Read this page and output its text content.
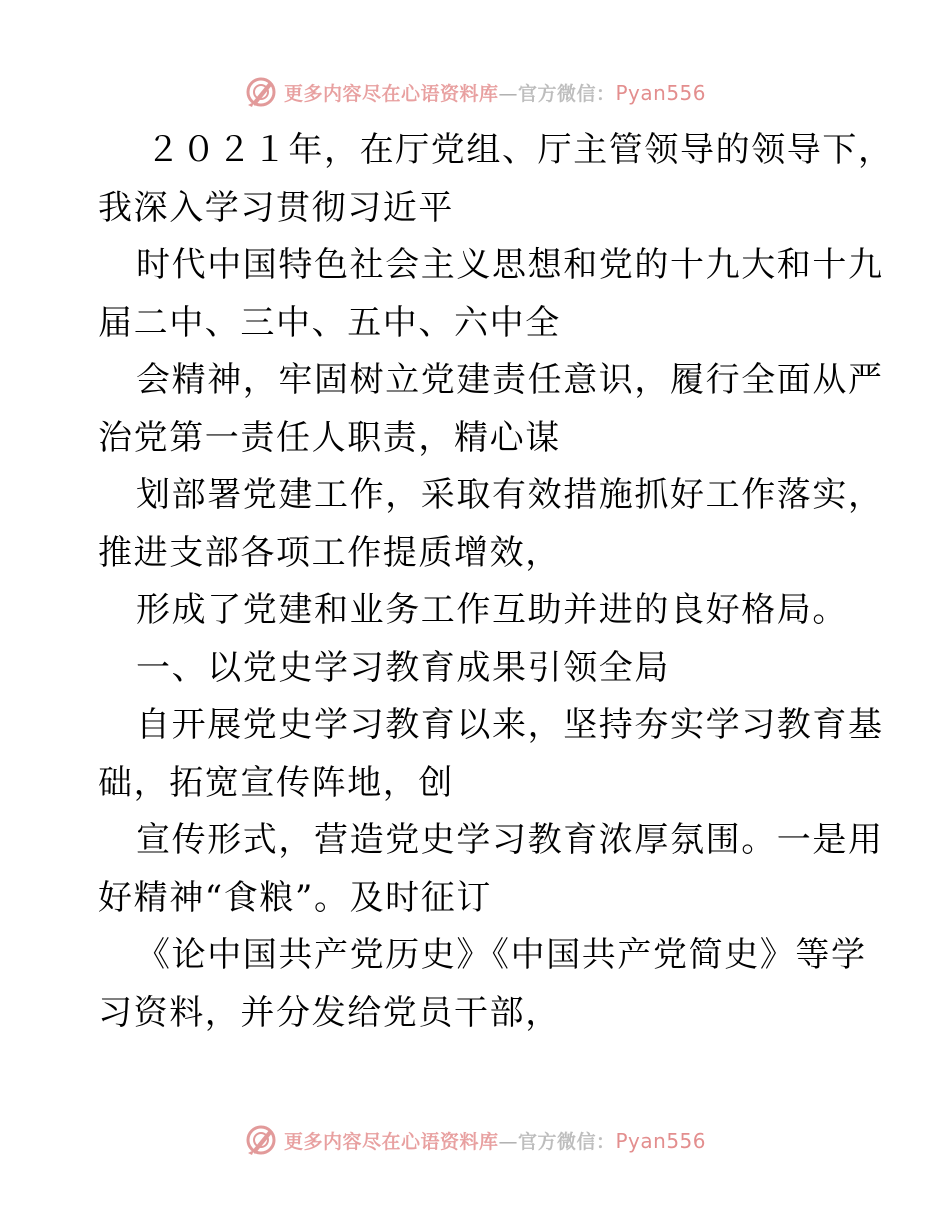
更多内容尽在心语资料库—官方微信：Pyan556
２０２１年，在厅党组、厅主管领导的领导下，
我深入学习贯彻习近平
时代中国特色社会主义思想和党的十九大和十九
届二中、三中、五中、六中全
会精神，牢固树立党建责任意识，履行全面从严
治党第一责任人职责，精心谋
划部署党建工作，采取有效措施抓好工作落实，
推进支部各项工作提质增效，
形成了党建和业务工作互助并进的良好格局。
一、以党史学习教育成果引领全局
自开展党史学习教育以来，坚持夯实学习教育基
础，拓宽宣传阵地，创
宣传形式，营造党史学习教育浓厚氛围。一是用
好精神“食粮”。及时征订
《论中国共产党历史》《中国共产党简史》等学
习资料，并分发给党员干部，
更多内容尽在心语资料库—官方微信：Pyan556
